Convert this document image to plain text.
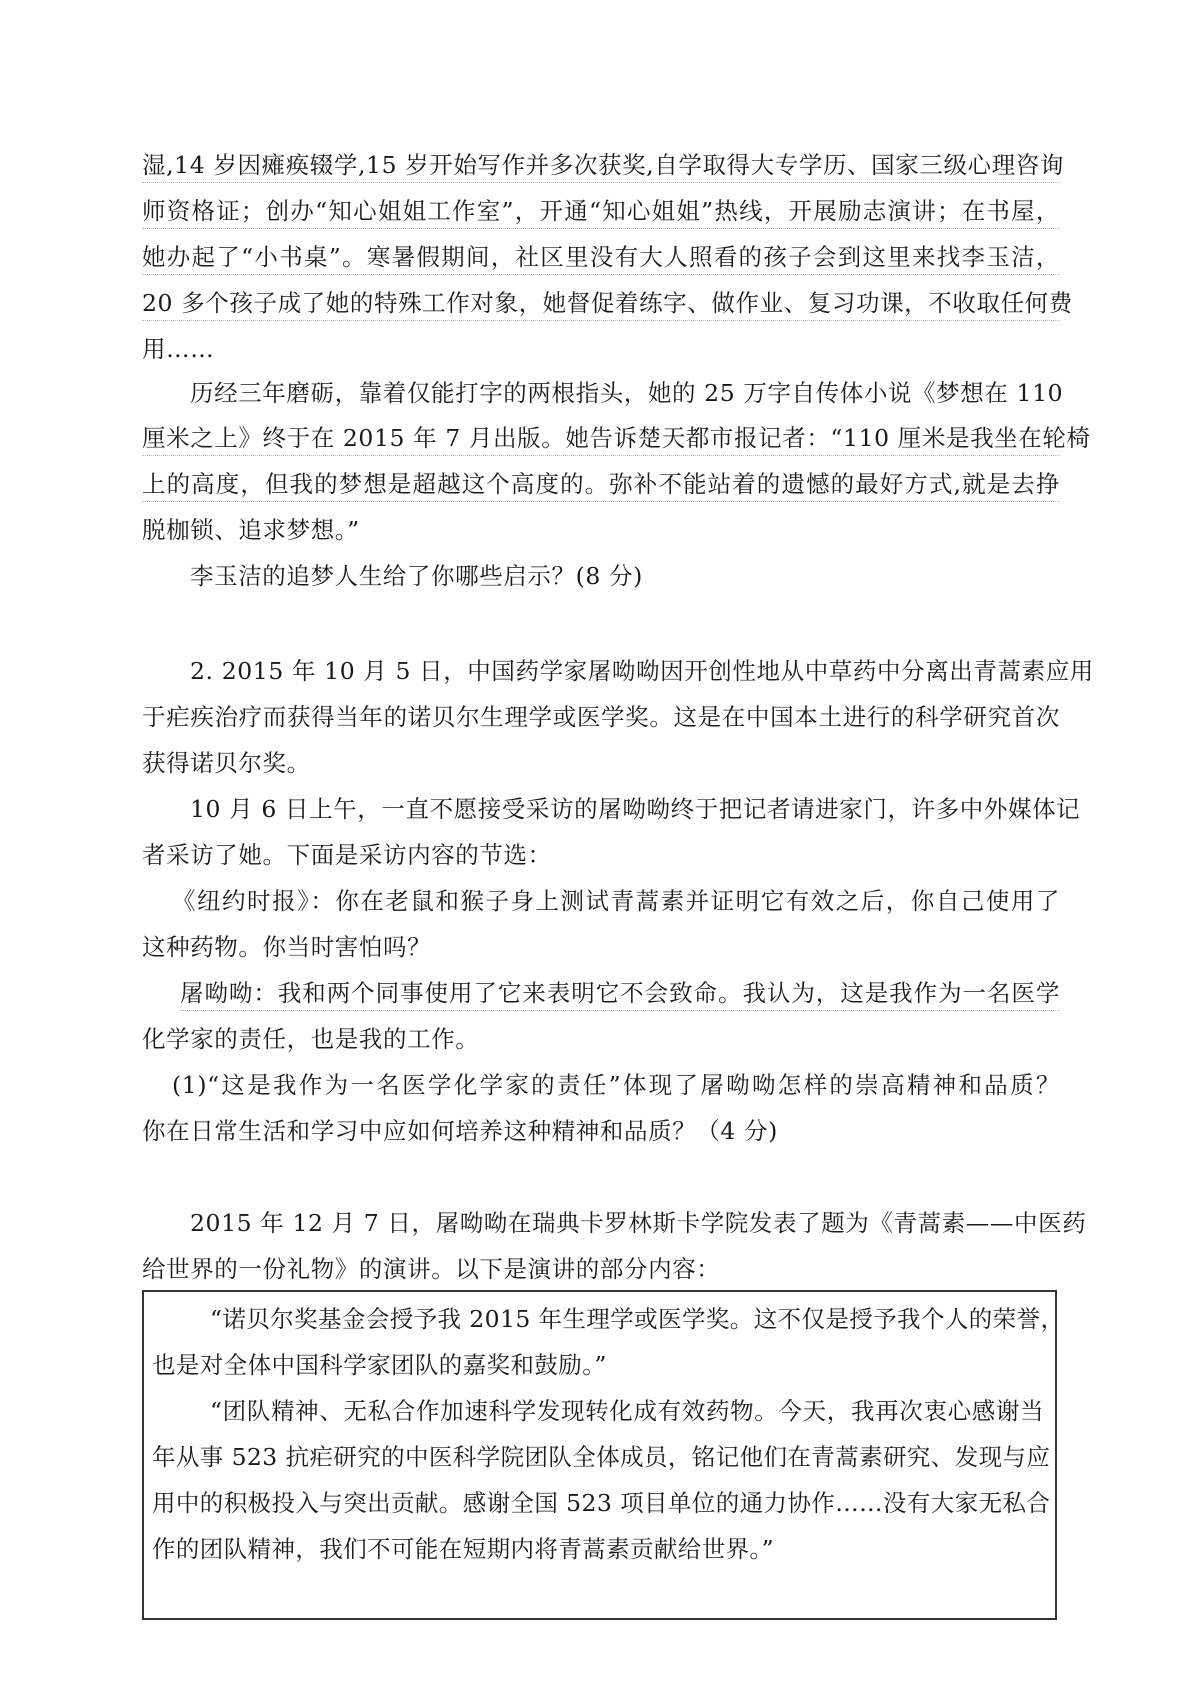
湿,14 岁因瘫痪辍学,15 岁开始写作并多次获奖,自学取得大专学历、国家三级心理咨询

师资格证；创办“知心姐姐工作室”，开通“知心姐姐”热线，开展励志演讲；在书屋，

她办起了“小书桌”。寒暑假期间，社区里没有大人照看的孩子会到这里来找李玉洁，

20 多个孩子成了她的特殊工作对象，她督促着练字、做作业、复习功课，不收取任何费

用……

历经三年磨砺，靠着仅能打字的两根指头，她的 25 万字自传体小说《梦想在 110

厘米之上》终于在 2015 年 7 月出版。她告诉楚天都市报记者：“110 厘米是我坐在轮椅

上的高度，但我的梦想是超越这个高度的。弥补不能站着的遗憾的最好方式,就是去挣

脱枷锁、追求梦想。”

李玉洁的追梦人生给了你哪些启示？(8 分)

2. 2015 年 10 月 5 日，中国药学家屠呦呦因开创性地从中草药中分离出青蒿素应用

于疟疾治疗而获得当年的诺贝尔生理学或医学奖。这是在中国本土进行的科学研究首次

获得诺贝尔奖。

10 月 6 日上午，一直不愿接受采访的屠呦呦终于把记者请进家门，许多中外媒体记

者采访了她。下面是采访内容的节选：

《纽约时报》：你在老鼠和猴子身上测试青蒿素并证明它有效之后，你自己使用了

这种药物。你当时害怕吗？

屠呦呦：我和两个同事使用了它来表明它不会致命。我认为，这是我作为一名医学

化学家的责任，也是我的工作。

(1)“这是我作为一名医学化学家的责任”体现了屠呦呦怎样的崇高精神和品质？

你在日常生活和学习中应如何培养这种精神和品质？（4 分)

2015 年 12 月 7 日，屠呦呦在瑞典卡罗林斯卡学院发表了题为《青蒿素——中医药

给世界的一份礼物》的演讲。以下是演讲的部分内容：

“诺贝尔奖基金会授予我 2015 年生理学或医学奖。这不仅是授予我个人的荣誉，

也是对全体中国科学家团队的嘉奖和鼓励。”

“团队精神、无私合作加速科学发现转化成有效药物。今天，我再次衷心感谢当

年从事 523 抗疟研究的中医科学院团队全体成员，铭记他们在青蒿素研究、发现与应

用中的积极投入与突出贡献。感谢全国 523 项目单位的通力协作……没有大家无私合

作的团队精神，我们不可能在短期内将青蒿素贡献给世界。”
